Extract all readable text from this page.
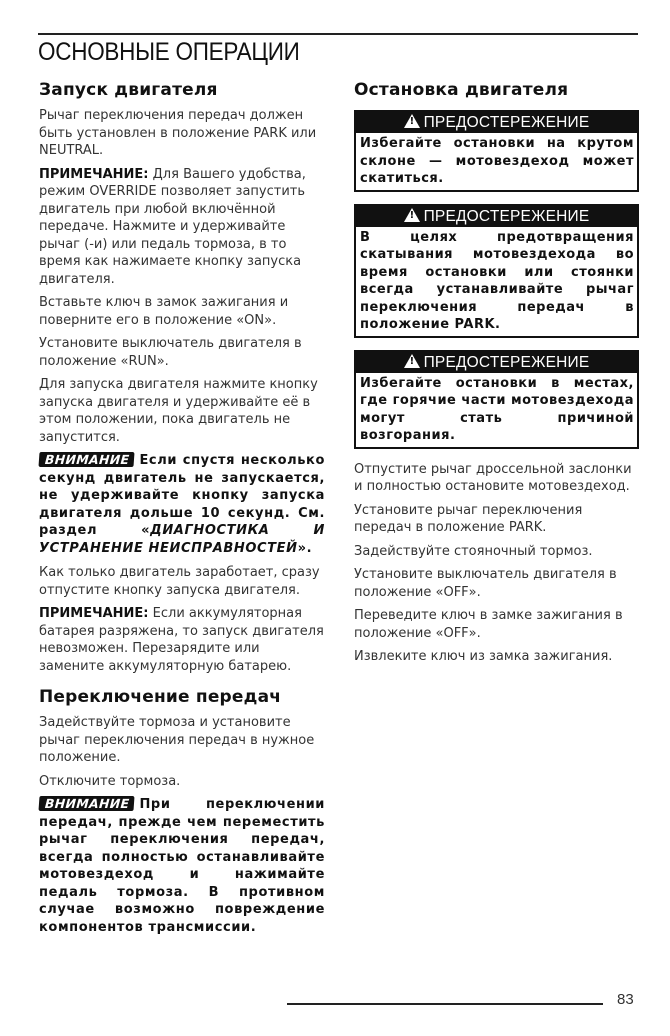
ОСНОВНЫЕ ОПЕРАЦИИ
Запуск двигателя

Рычаг переключения передач должен быть установлен в положение PARK или NEUTRAL.

ПРИМЕЧАНИЕ: Для Вашего удобства, режим OVERRIDE позволяет запустить двигатель при любой включённой передаче. Нажмите и удерживайте рычаг (-и) или педаль тормоза, в то время как нажимаете кнопку запуска двигателя.

Вставьте ключ в замок зажигания и поверните его в положение «ON».

Установите выключатель двигателя в положение «RUN».

Для запуска двигателя нажмите кнопку запуска двигателя и удерживайте её в этом положении, пока двигатель не запустится.

ВНИМАНИЕ Если спустя несколько секунд двигатель не запускается, не удерживайте кнопку запуска двигателя дольше 10 секунд. См. раздел «ДИАГНОСТИКА И УСТРАНЕНИЕ НЕИСПРАВНОСТЕЙ».

Как только двигатель заработает, сразу отпустите кнопку запуска двигателя.

ПРИМЕЧАНИЕ: Если аккумуляторная батарея разряжена, то запуск двигателя невозможен. Перезарядите или замените аккумуляторную батарею.

Переключение передач

Задействуйте тормоза и установите рычаг переключения передач в нужное положение.

Отключите тормоза.

ВНИМАНИЕ При переключении передач, прежде чем переместить рычаг переключения передач, всегда полностью останавливайте мотовездеход и нажимайте педаль тормоза. В противном случае возможно повреждение компонентов трансмиссии.

Остановка двигателя
!ПРЕДОСТЕРЕЖЕНИЕ
Избегайте остановки на крутом склоне — мотовездеход может скатиться.
!ПРЕДОСТЕРЕЖЕНИЕ
В целях предотвращения скатывания мотовездехода во время остановки или стоянки всегда устанавливайте рычаг переключения передач в положение PARK.
!ПРЕДОСТЕРЕЖЕНИЕ
Избегайте остановки в местах, где горячие части мотовездехода могут стать причиной возгорания.

Отпустите рычаг дроссельной заслонки и полностью остановите мотовездеход.

Установите рычаг переключения передач в положение PARK.

Задействуйте стояночный тормоз.

Установите выключатель двигателя в положение «OFF».

Переведите ключ в замке зажигания в положение «OFF».

Извлеките ключ из замка зажигания.

83
